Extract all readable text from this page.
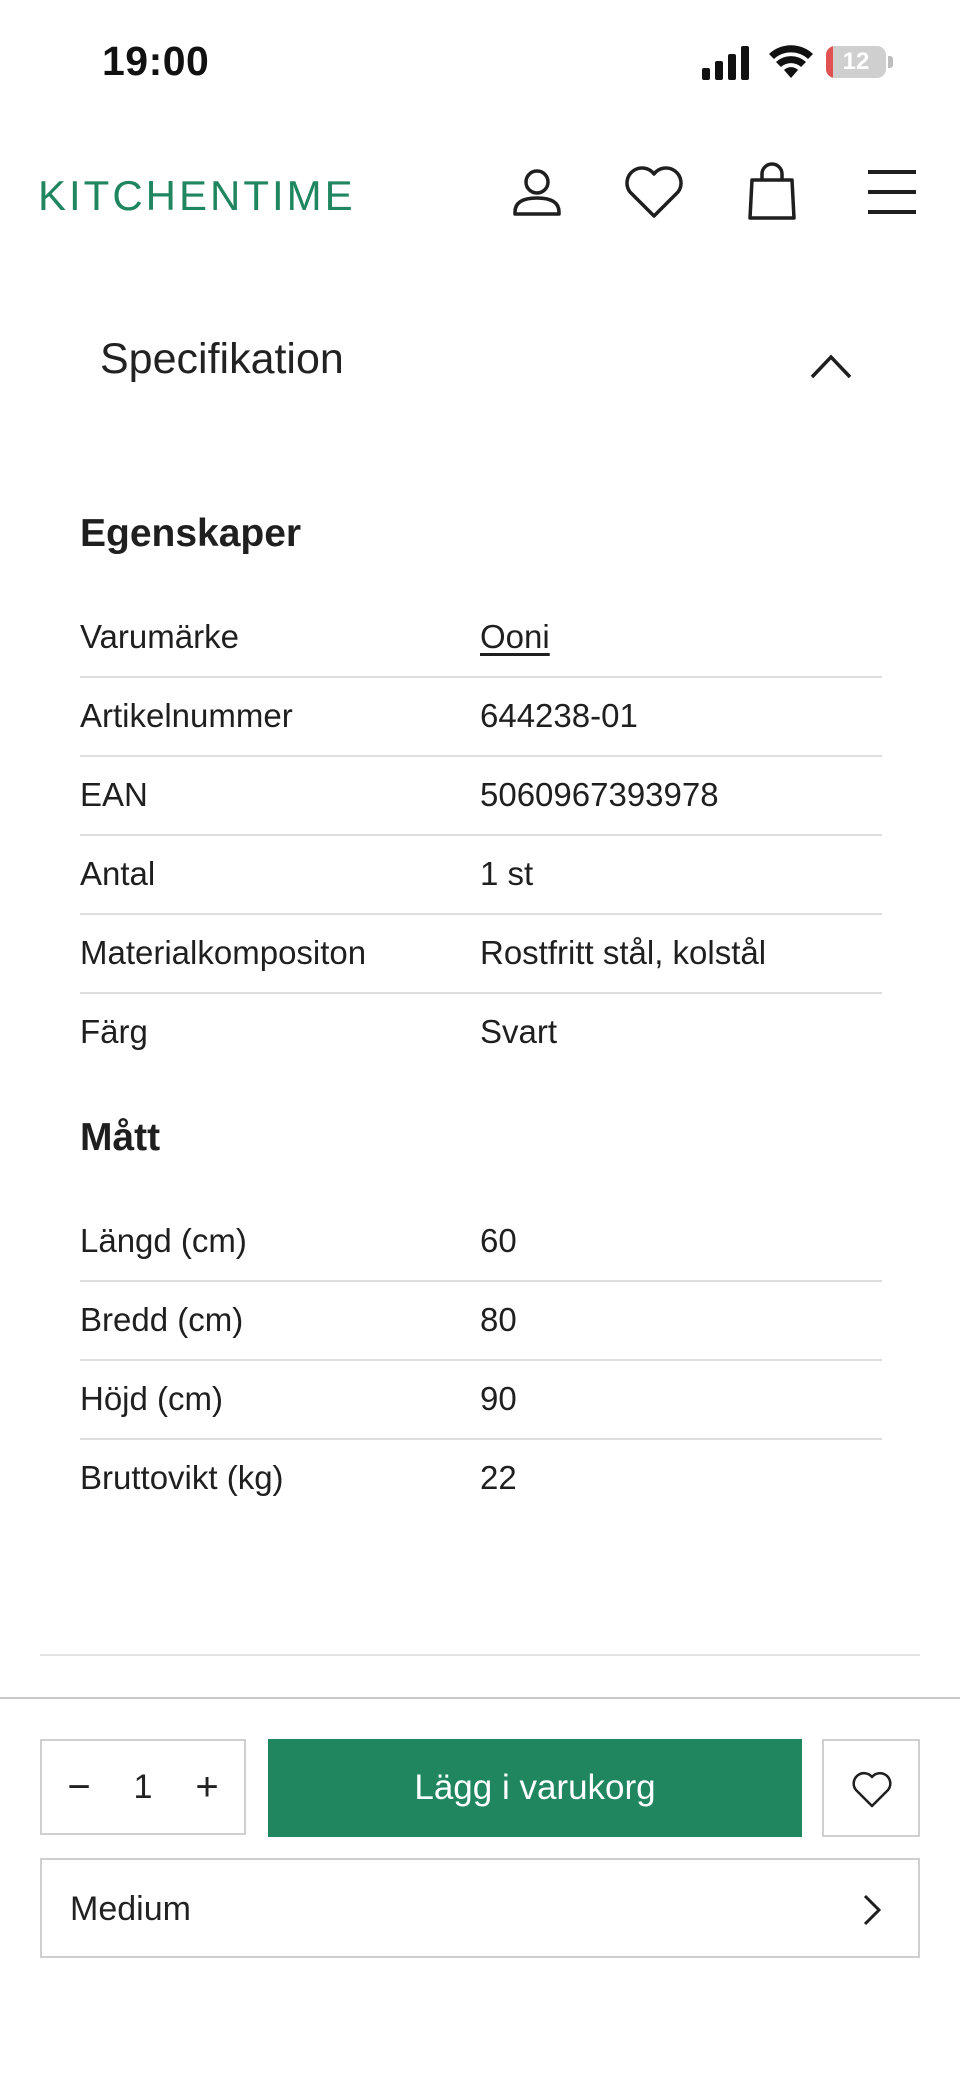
19:00	12
KITCHENTIME
Specifikation
Egenskaper
Varumärke	Ooni
Artikelnummer	644238-01
EAN	5060967393978
Antal	1 st
Materialkompositon	Rostfritt stål, kolstål
Färg	Svart
Mått
Längd (cm)	60
Bredd (cm)	80
Höjd (cm)	90
Bruttovikt (kg)	22
−	1	+	Lägg i varukorg
Medium
